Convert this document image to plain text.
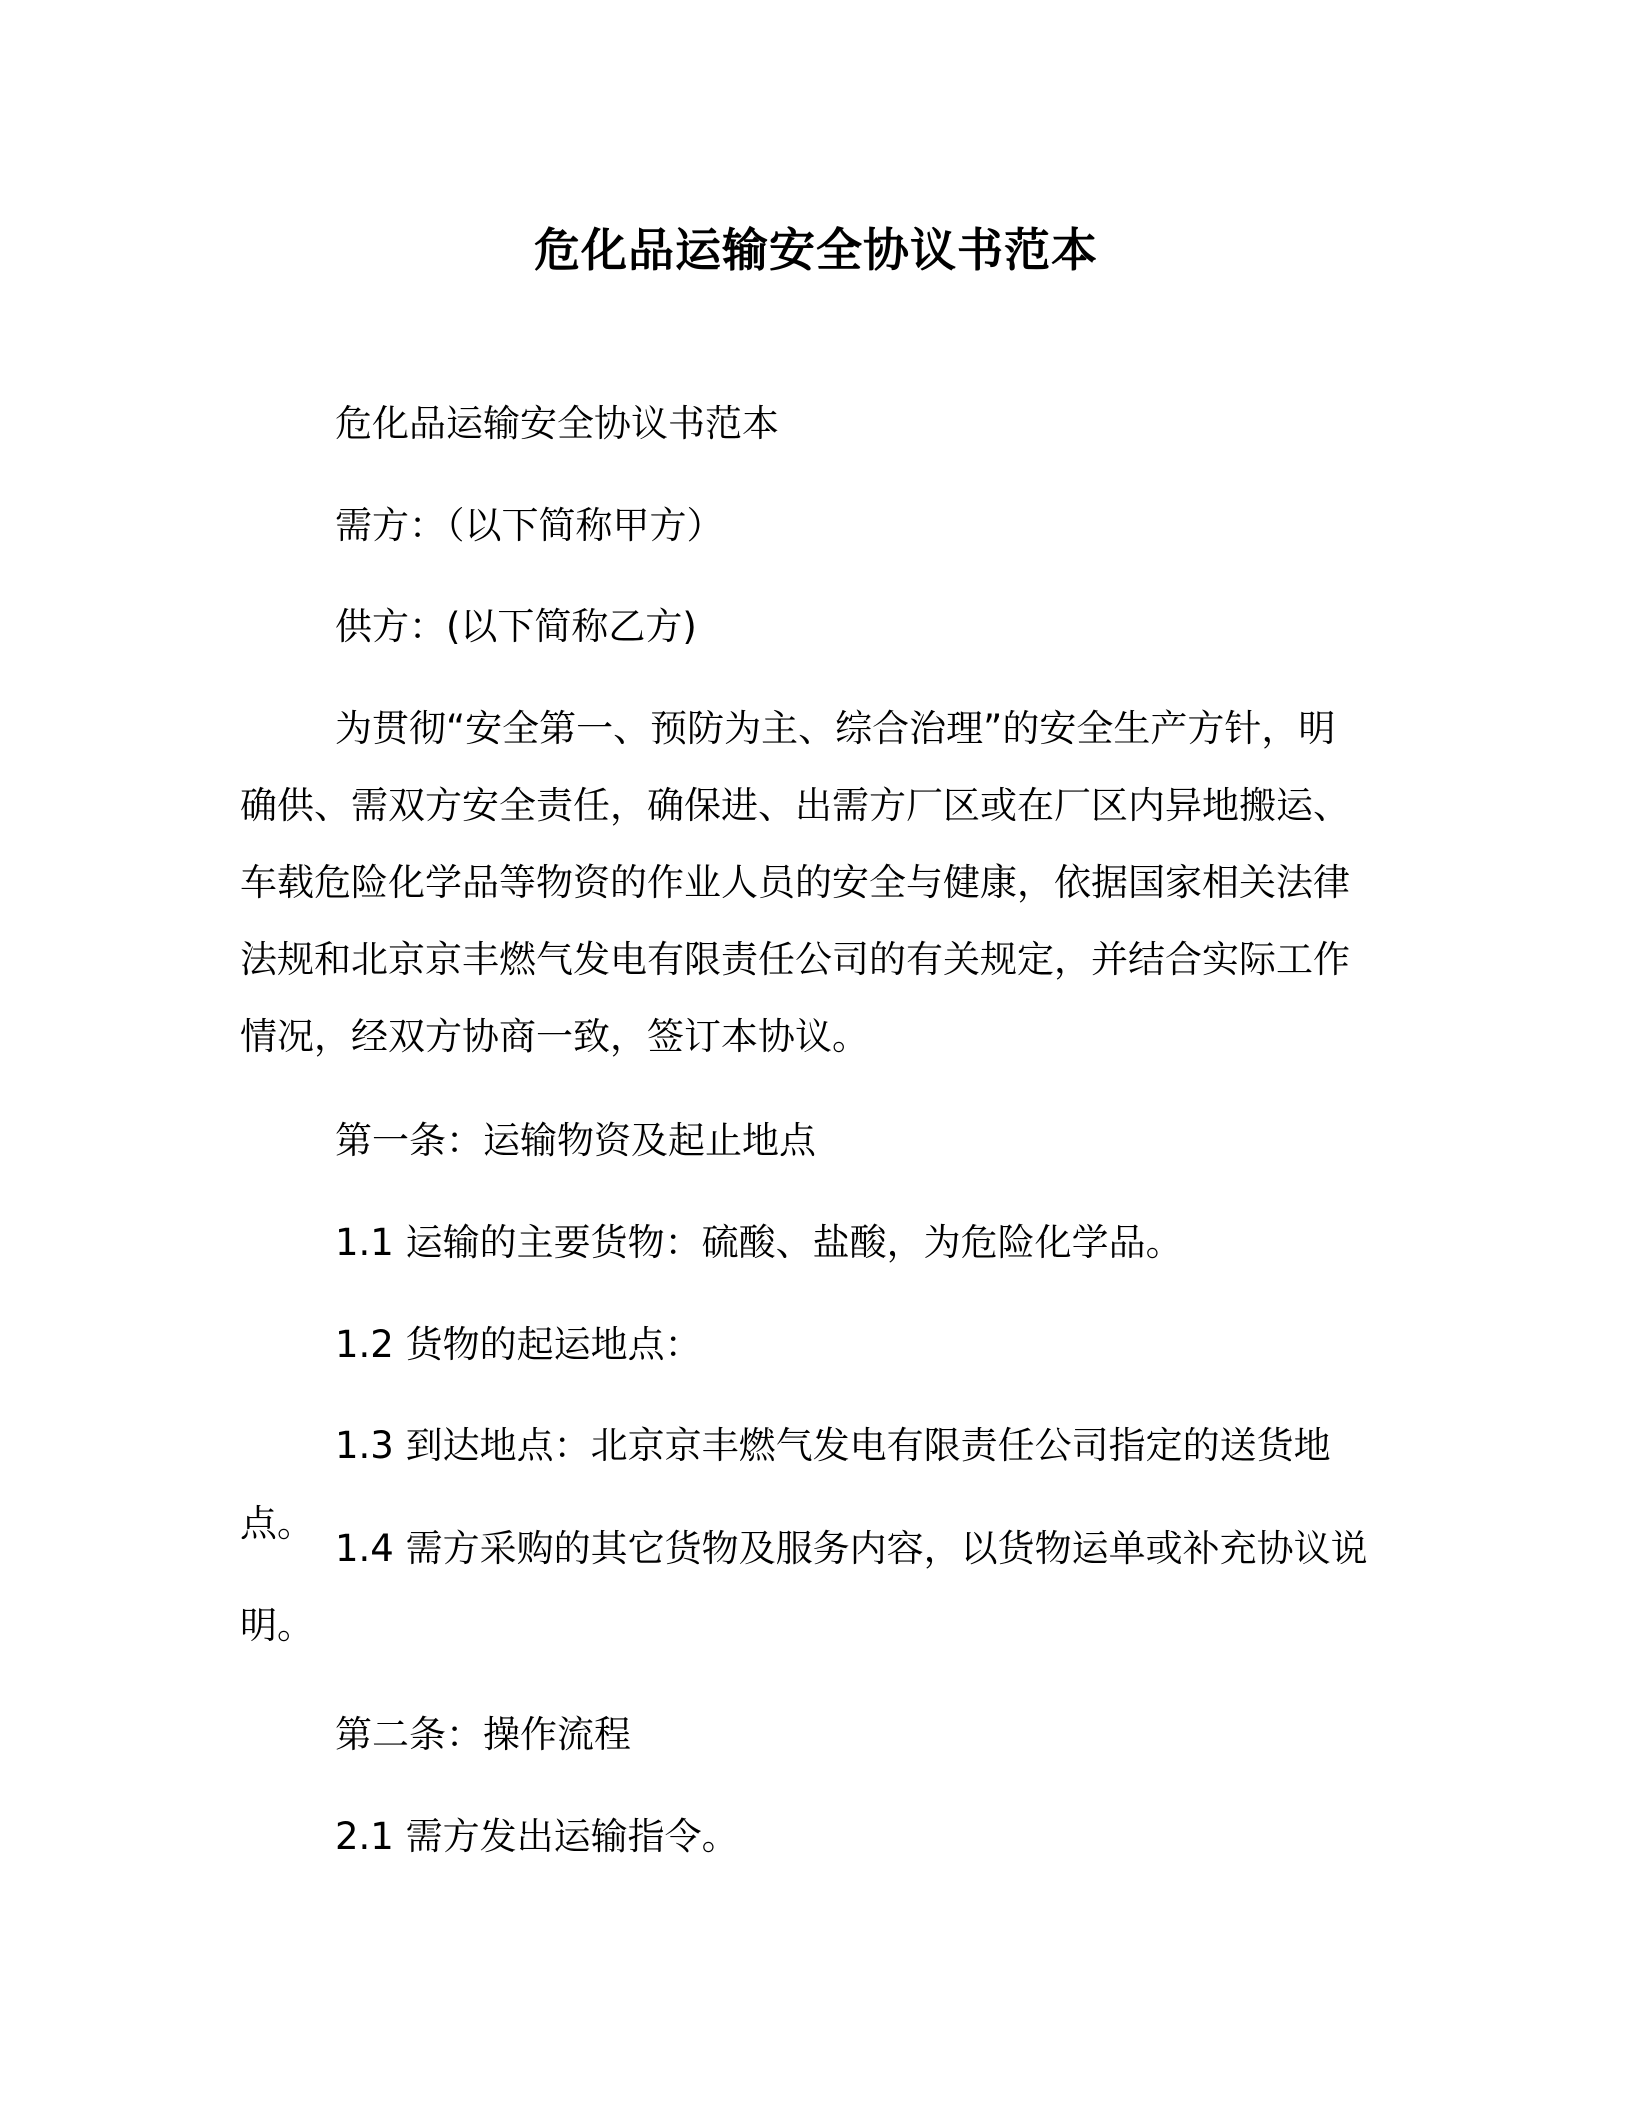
危化品运输安全协议书范本

危化品运输安全协议书范本

需方：（以下简称甲方）

供方：(以下简称乙方)

为贯彻“安全第一、预防为主、综合治理”的安全生产方针，明
确供、需双方安全责任，确保进、出需方厂区或在厂区内异地搬运、
车载危险化学品等物资的作业人员的安全与健康，依据国家相关法律
法规和北京京丰燃气发电有限责任公司的有关规定，并结合实际工作
情况，经双方协商一致，签订本协议。

第一条：运输物资及起止地点

1.1 运输的主要货物：硫酸、盐酸，为危险化学品。

1.2 货物的起运地点：

1.3 到达地点：北京京丰燃气发电有限责任公司指定的送货地点。

1.4 需方采购的其它货物及服务内容，以货物运单或补充协议说
明。

第二条：操作流程

2.1 需方发出运输指令。
